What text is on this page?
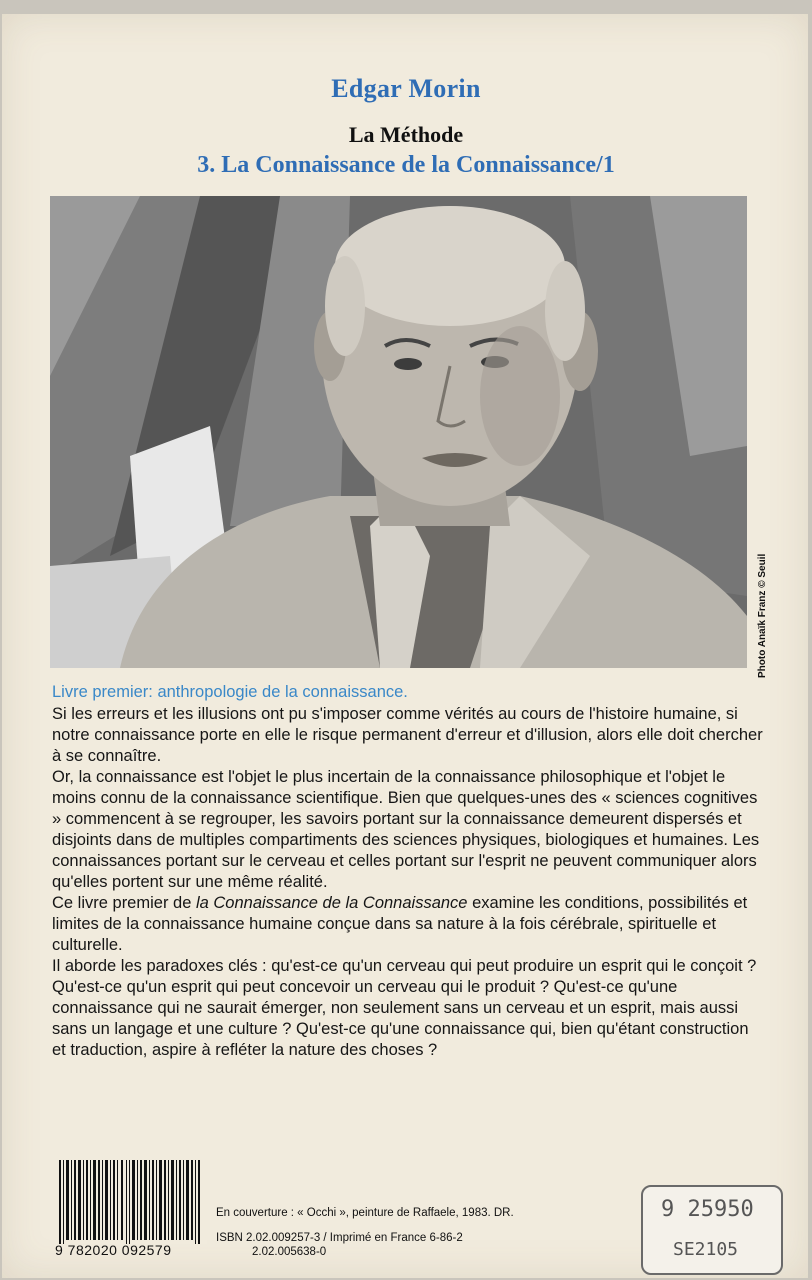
Edgar Morin
La Méthode
3. La Connaissance de la Connaissance/1
Photo Anaïk Franz © Seuil
Livre premier: anthropologie de la connaissance.

Si les erreurs et les illusions ont pu s'imposer comme vérités au cours de l'histoire humaine, si notre connaissance porte en elle le risque permanent d'erreur et d'illusion, alors elle doit chercher à se connaître.

Or, la connaissance est l'objet le plus incertain de la connaissance philosophique et l'objet le moins connu de la connaissance scientifique. Bien que quelques-unes des « sciences cognitives » commencent à se regrouper, les savoirs portant sur la connaissance demeurent dispersés et disjoints dans de multiples compartiments des sciences physiques, biologiques et humaines. Les connaissances portant sur le cerveau et celles portant sur l'esprit ne peuvent communiquer alors qu'elles portent sur une même réalité.

Ce livre premier de la Connaissance de la Connaissance examine les conditions, possibilités et limites de la connaissance humaine conçue dans sa nature à la fois cérébrale, spirituelle et culturelle.

Il aborde les paradoxes clés : qu'est-ce qu'un cerveau qui peut produire un esprit qui le conçoit ? Qu'est-ce qu'un esprit qui peut concevoir un cerveau qui le produit ? Qu'est-ce qu'une connaissance qui ne saurait émerger, non seulement sans un cerveau et un esprit, mais aussi sans un langage et une culture ? Qu'est-ce qu'une connaissance qui, bien qu'étant construction et traduction, aspire à refléter la nature des choses ?

9 782020 092579
En couverture : « Occhi », peinture de Raffaele, 1983. DR.
ISBN 2.02.009257-3 / Imprimé en France 6-86-2
2.02.005638-0
9 25950
SE2105
